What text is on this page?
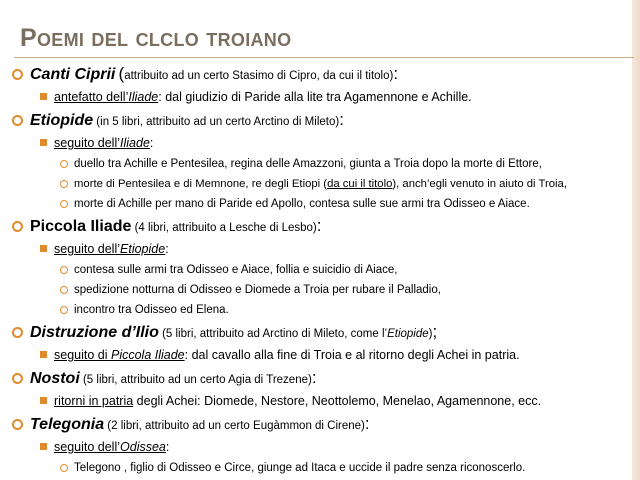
Poemi del clclo troiano
Canti Ciprii (attribuito ad un certo Stasimo di Cipro, da cui il titolo):
antefatto dell’Iliade: dal giudizio di Paride alla lite tra Agamennone e Achille.
Etiopide (in 5 libri, attribuito ad un certo Arctino di Mileto):
seguito dell’Iliade:
duello tra Achille e Pentesilea, regina delle Amazzoni, giunta a Troia dopo la morte di Ettore,
morte di Pentesilea e di Memnone, re degli Etiopi (da cui il titolo), anch’egli venuto in aiuto di Troia,
morte di Achille per mano di Paride ed Apollo, contesa sulle sue armi tra Odisseo e Aiace.
Piccola Iliade (4 libri, attribuito a Lesche di Lesbo):
seguito dell’Etiopide:
contesa sulle armi tra Odisseo e Aiace, follia e suicidio di Aiace,
spedizione notturna di Odisseo e Diomede a Troia per rubare il Palladio,
incontro tra Odisseo ed Elena.
Distruzione d’Ilio (5 libri, attribuito ad Arctino di Mileto, come l’Etiopide);
seguito di Piccola Iliade: dal cavallo alla fine di Troia e al ritorno degli Achei in patria.
Nostoi (5 libri, attribuito ad un certo Agia di Trezene):
ritorni in patria degli Achei: Diomede, Nestore, Neottolemo, Menelao, Agamennone, ecc.
Telegonia (2 libri, attribuito ad un certo Eugàmmon di Cirene):
seguito dell’Odissea:
Telegono , figlio di Odisseo e Circe, giunge ad Itaca e uccide il padre senza riconoscerlo.
